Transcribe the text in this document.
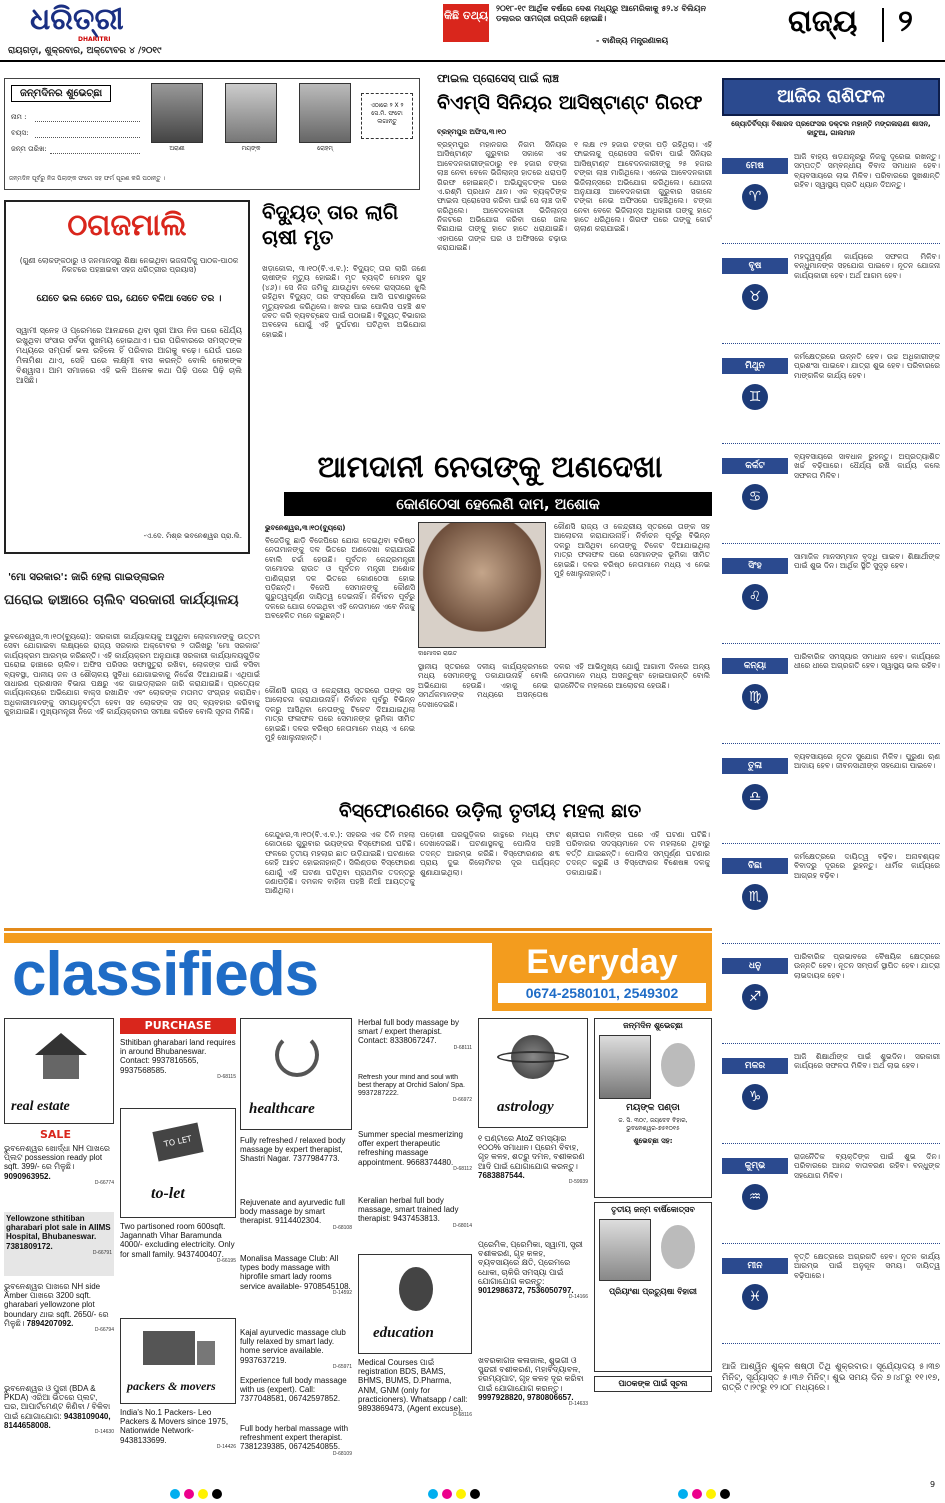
ଧରିତ୍ରୀ
DHARITRI
ରାୟଗଡ଼ା, ଶୁକ୍ରବାର, ଅକ୍ଟୋବର ୪ /୨୦୧୯
କିଛି ତଥ୍ୟ
୨୦୧୮-୧୯ ଆର୍ଥିକ ବର୍ଷରେ ଦେଶ ମଧ୍ୟରୁ ଆମେରିକାକୁ ୫୨.୪ ବିଲିୟନ ଡଲାରର ସାମଗ୍ରୀ ରପ୍ତାନି ହୋଇଛି।
- ବାଣିଜ୍ୟ ମନ୍ତ୍ରଣାଳୟ
ରାଜ୍ୟ ୨
ଜନ୍ମଦିନର ଶୁଭେଚ୍ଛା
ନାମ :
ବୟସ:
ଜନ୍ମ ତାରିଖ:	ଅରାଣୀ	ମୟଙ୍କ	ରୋହମ୍
ଏଠାରେ ୨ X ୨ ସେ.ମି. ଫଟୋ ଲଗାନ୍ତୁ
ଜନ୍ମଦିନ ପୂର୍ବରୁ ନିଜ ପିଲାଙ୍କ ଫଟୋ ସହ ଫର୍ମ ପୂରଣ କରି ପଠାନ୍ତୁ ।
ଠଗଜମାଲି
(ଗୁଣୀ ଲୋକଙ୍କଠାରୁ ଓ ଜନମାନସରୁ ଶିକ୍ଷା ନେଇଥିବା ଭଜନାଦିକୁ ପାଠକ-ପାଠକ ନିକଟରେ ପହଞ୍ଚାଇବା ସହଜ ଧରିତ୍ରୀର ପ୍ରୟାସ)
ଯେତେ ଭଲ ରେତେ ଘର, ଯେତେ ବଳିଆ ସେତେ ତର ।
ସ୍ୱାମୀ ସ୍ନେହ ଓ ପ୍ରେମରେ ଆନନ୍ଦରେ ଥିବା ସ୍ତ୍ରୀ ଆଉ ନିଜ ଘରେ ଧୈର୍ଯ୍ୟ ରଖୁଥିବା ସଂସାର ସର୍ବଦା ସୁଖମୟ ହୋଇଥାଏ। ଘର ପରିବାରରେ ସମସ୍ତଙ୍କ ମଧ୍ୟରେ ସମ୍ପର୍କ ଭଲ ରହିଲେ ହିଁ ପରିବାର ଆଗକୁ ବଢ଼େ। ଯେଉଁ ଘରେ ମିଳାମିଶା ଥାଏ, ସେହି ଘରେ ଲକ୍ଷ୍ମୀ ବାସ କରନ୍ତି ବୋଲି ଲୋକଙ୍କ ବିଶ୍ୱାସ। ଆମ ସମାଜରେ ଏହି ଭଳି ଅନେକ କଥା ପିଢ଼ି ପରେ ପିଢ଼ି ଚାଲି ଆସିଛି।
-ଏ.ଦେ. ମିଶ୍ର ଭବନେଶ୍ୱର ପ୍ରା.ଲି.
ବିଦ୍ୟୁତ୍ ତାର ଲାଗି ଚାଷୀ ମୃତ
ଖଡ଼ାକୋଲ, ୩।୧୦(ବି.ଏ.ବ.): ବିଦ୍ୟୁତ୍ ତାର ଲାଗି ଜଣେ ଚାଷୀଙ୍କ ମୃତ୍ୟୁ ହୋଇଛି। ମୃତ ବ୍ୟକ୍ତି ମୋହନ ଗୁହ (୪୬)। ସେ ନିଜ ଜମିକୁ ଯାଉଥିବା ବେଳେ ରାସ୍ତାରେ ଝୁଲି ରହିଥିବା ବିଦ୍ୟୁତ୍ ତାର ସଂସ୍ପର୍ଶରେ ଆସି ଘଟଣାସ୍ଥଳରେ ମୃତ୍ୟୁବରଣ କରିଥିଲେ। ଖବର ପାଇ ପୋଲିସ ପହଞ୍ଚି ଶବ ଜବତ କରି ବ୍ୟବଚ୍ଛେଦ ପାଇଁ ପଠାଇଛି। ବିଦ୍ୟୁତ୍ ବିଭାଗର ଅବହେଳା ଯୋଗୁଁ ଏହି ଦୁର୍ଘଟଣା ଘଟିଥିବା ଅଭିଯୋଗ ହୋଇଛି।
ଫାଇଲ ପ୍ରୋସେସ୍ ପାଇଁ ଲାଞ୍ଚ
ବିଏମ୍‌ସି ସିନିୟର ଆସିଷ୍ଟାଣ୍ଟ ଗିରଫ
ବ୍ରହ୍ମପୁର ଅଫିସ,୩।୧୦
ବ୍ରହ୍ମପୁର ମହାନଗର ନିଗମ ସିନିୟର ଆସିଷ୍ଟାଣ୍ଟ ଗୁରୁବାର ସକାଳେ ଏକ ଆବେଦନକାରୀଙ୍କଠାରୁ ୧୫ ହଜାର ଟଙ୍କା ଲାଞ୍ଚ ନେବା ବେଳେ ଭିଜିଲାନ୍ସ ହାତରେ ଧରାପଡ଼ି ଗିରଫ ହୋଇଛନ୍ତି। ଅଭିଯୁକ୍ତଙ୍କ ଘରେ ଏ.ରଶ୍ମି ପ୍ରଧାନ ଥାନ। ଏକ ବ୍ୟକ୍ତିଙ୍କ ଫାଇଲ ପ୍ରୋସେସ କରିବା ପାଇଁ ସେ ଲାଞ୍ଚ ଦାବି କରିଥିଲେ। ଆବେଦନକାରୀ ଭିଜିଲାନ୍ସ ନିକଟରେ ଅଭିଯୋଗ କରିବା ପରେ ଜାଲ ବିଛାଯାଇ ତାଙ୍କୁ ହାତେ ହାତେ ଧରାଯାଇଛି। ଏହାପରେ ତାଙ୍କ ଘର ଓ ଅଫିସରେ ଚଢ଼ାଉ କରାଯାଇଛି।
୧ ଲକ୍ଷ ୯୨ ହଜାର ଟଙ୍କା ପଡ଼ି ରହିଥିଲା। ଏହି ଫାଇଲକୁ ପ୍ରୋସେସ କରିବା ପାଇଁ ସିନିୟର ଆସିଷ୍ଟାଣ୍ଟ ଆବେଦନକାରୀଙ୍କୁ ୨୫ ହଜାର ଟଙ୍କା ଲାଞ୍ଚ ମାଗିଥିଲେ। ଏନେଇ ଆବେଦନକାରୀ ଭିଜିଲାନ୍ସରେ ଅଭିଯୋଗ କରିଥିଲେ। ଯୋଜନା ଅନୁଯାୟୀ ଆବେଦନକାରୀ ଗୁରୁବାର ସକାଳେ ଟଙ୍କା ନେଇ ଅଫିସରେ ପହଞ୍ଚିଥିଲେ। ଟଙ୍କା ନେବା ବେଳେ ଭିଜିଲାନ୍ସ ଅଧିକାରୀ ତାଙ୍କୁ ହାତେ ହାତେ ଧରିଥିଲେ। ଗିରଫ ପରେ ତାଙ୍କୁ କୋର୍ଟ ଚାଲାଣ କରାଯାଇଛି।
ଆମଦାନୀ ନେତାଙ୍କୁ ଅଣଦେଖା
କୋଣଠେସା ହେଲେଣି ଦାମ, ଅଶୋକ
ଭୁବନେଶ୍ୱର,୩।୧୦(ବ୍ୟୁରୋ)
ବିଜେଡିକୁ ଛାଡ଼ି ବିଜେପିରେ ଯୋଗ ଦେଇଥିବା ବରିଷ୍ଠ ନେତାମାନଙ୍କୁ ଦଳ ଭିତରେ ଅଣଦେଖା କରାଯାଉଛି ବୋଲି ଚର୍ଚ୍ଚା ହେଉଛି। ପୂର୍ବତନ କେନ୍ଦ୍ରମନ୍ତ୍ରୀ ଦାମୋଦର ରାଉତ ଓ ପୂର୍ବତନ ମନ୍ତ୍ରୀ ଅଶୋକ ପାଣିଗ୍ରାହୀ ଦଳ ଭିତରେ କୋଣଠେସା ହୋଇ ପଡ଼ିଛନ୍ତି। ବିଜେପି ସେମାନଙ୍କୁ କୌଣସି ଗୁରୁତ୍ୱପୂର୍ଣ୍ଣ ଦାୟିତ୍ୱ ଦେଇନାହିଁ। ନିର୍ବାଚନ ପୂର୍ବରୁ ଦଳରେ ଯୋଗ ଦେଇଥିବା ଏହି ନେତାମାନେ ଏବେ ନିଜକୁ ଅବହେଳିତ ମନେ କରୁଛନ୍ତି।
ଦାମୋଦର ରାଉତ
କୌଣସି ରାଜ୍ୟ ଓ କେନ୍ଦ୍ରୀୟ ସ୍ତରରେ ତାଙ୍କ ସହ ଆଲୋଚନା କରାଯାଉନାହିଁ। ନିର୍ବାଚନ ପୂର୍ବରୁ ବିଭିନ୍ନ ଦଳରୁ ଆସିଥିବା ନେତାଙ୍କୁ ଟିକେଟ ଦିଆଯାଇଥିଲା ମାତ୍ର ଫଳାଫଳ ପରେ ସେମାନଙ୍କ ଭୂମିକା ସୀମିତ ହୋଇଛି। ଦଳର ବରିଷ୍ଠ ନେତାମାନେ ମଧ୍ୟ ଏ ନେଇ ମୁହଁ ଖୋଲୁନାହାନ୍ତି।
ସ୍ଥାନୀୟ ସ୍ତରରେ ଦଳୀୟ କାର୍ଯ୍ୟକ୍ରମରେ ମଧ୍ୟ ସେମାନଙ୍କୁ ଡକାଯାଉନାହିଁ ବୋଲି ଅଭିଯୋଗ ହେଉଛି। ଏହାକୁ ନେଇ ସମର୍ଥକମାନଙ୍କ ମଧ୍ୟରେ ଅସନ୍ତୋଷ ଦେଖାଦେଇଛି।
ଦଳର ଏହି ଆଭିମୁଖ୍ୟ ଯୋଗୁଁ ଆଗାମୀ ଦିନରେ ଅନ୍ୟ ନେତାମାନେ ମଧ୍ୟ ଅସନ୍ତୁଷ୍ଟ ହୋଇପାରନ୍ତି ବୋଲି ରାଜନୈତିକ ମହଲରେ ଆଲୋଚନା ହେଉଛି।
'ମୋ ସରକାର': ଜାରି ହେଲା ଗାଇଡ୍‌ଲାଇନ
ଘରୋଇ ଢାଞ୍ଚାରେ ଚାଲିବ ସରକାରୀ କାର୍ଯ୍ୟାଳୟ
ଭୁବନେଶ୍ୱର,୩।୧୦(ବ୍ୟୁରୋ): ସରକାରୀ କାର୍ଯ୍ୟାଳୟକୁ ଆସୁଥିବା ଲୋକମାନଙ୍କୁ ଉତ୍ତମ ସେବା ଯୋଗାଇବା ଲକ୍ଷ୍ୟରେ ରାଜ୍ୟ ସରକାର ଅକ୍ଟୋବର ୨ ତାରିଖରୁ 'ମୋ ସରକାର' କାର୍ଯ୍ୟକ୍ରମ ଆରମ୍ଭ କରିଛନ୍ତି। ଏହି କାର୍ଯ୍ୟକ୍ରମ ଅନୁଯାୟୀ ସରକାରୀ କାର୍ଯ୍ୟାଳୟଗୁଡ଼ିକ ଘରୋଇ ଢାଞ୍ଚାରେ ଚାଲିବ। ଅଫିସ ପରିସର ସଫାସୁତୁରା ରଖିବା, ଲୋକଙ୍କ ପାଇଁ ବସିବା ବ୍ୟବସ୍ଥା, ପାନୀୟ ଜଳ ଓ ଶୌଚାଳୟ ସୁବିଧା ଯୋଗାଇବାକୁ ନିର୍ଦ୍ଦେଶ ଦିଆଯାଇଛି। ଏଥିପାଇଁ ସାଧାରଣ ପ୍ରଶାସନ ବିଭାଗ ପକ୍ଷରୁ ଏକ ଗାଇଡ୍‌ଲାଇନ ଜାରି କରାଯାଇଛି। ପ୍ରତ୍ୟେକ କାର୍ଯ୍ୟାଳୟରେ ଅଭିଯୋଗ ବାକ୍ସ ରଖାଯିବ ଏବଂ ଲୋକଙ୍କ ମତାମତ ସଂଗ୍ରହ କରାଯିବ। ଅଧିକାରୀମାନଙ୍କୁ ସମୟାନୁବର୍ତ୍ତୀ ହେବା ସହ ଲୋକଙ୍କ ସହ ସଦ୍ ବ୍ୟବହାର କରିବାକୁ କୁହାଯାଇଛି। ମୁଖ୍ୟମନ୍ତ୍ରୀ ନିଜେ ଏହି କାର୍ଯ୍ୟକ୍ରମର ସମୀକ୍ଷା କରିବେ ବୋଲି ସୂଚନା ମିଳିଛି।
କୌଣସି ରାଜ୍ୟ ଓ କେନ୍ଦ୍ରୀୟ ସ୍ତରରେ ତାଙ୍କ ସହ ଆଲୋଚନା କରାଯାଉନାହିଁ। ନିର୍ବାଚନ ପୂର୍ବରୁ ବିଭିନ୍ନ ଦଳରୁ ଆସିଥିବା ନେତାଙ୍କୁ ଟିକେଟ ଦିଆଯାଇଥିଲା ମାତ୍ର ଫଳାଫଳ ପରେ ସେମାନଙ୍କ ଭୂମିକା ସୀମିତ ହୋଇଛି। ଦଳର ବରିଷ୍ଠ ନେତାମାନେ ମଧ୍ୟ ଏ ନେଇ ମୁହଁ ଖୋଲୁନାହାନ୍ତି।
ବିସ୍ଫୋରଣରେ ଉଡ଼ିଲା ତୃତୀୟ ମହଲା ଛାତ
କେନ୍ଦୁଝର,୩।୧୦(ବି.ଏ.ବ.): ସହରର ଏକ ତିନି ମହଲା କୋଠାରେ ଗୁରୁବାର ଭୟଙ୍କର ବିସ୍ଫୋରଣ ଘଟିଛି। ଫଳରେ ତୃତୀୟ ମହଲାର ଛାତ ଉଡ଼ିଯାଇଛି। ଘଟଣାରେ କେହି ଆହତ ହୋଇନାହାନ୍ତି। ସିଲିଣ୍ଡର ବିସ୍ଫୋରଣ ଯୋଗୁଁ ଏହି ଘଟଣା ଘଟିଥିବା ପ୍ରାଥମିକ ତଦନ୍ତରୁ ଜଣାପଡ଼ିଛି। ଦମକଳ ବାହିନୀ ପହଞ୍ଚି ନିଆଁ ଆୟତ୍ତକୁ ଆଣିଥିଲା।
ପଡ଼ୋଶୀ ଘରଗୁଡ଼ିକର କାନ୍ଥରେ ମଧ୍ୟ ଫାଟ ଦେଖାଦେଇଛି। ଘଟଣାସ୍ଥଳକୁ ପୋଲିସ ପହଞ୍ଚି ତଦନ୍ତ ଆରମ୍ଭ କରିଛି। ବିସ୍ଫୋରଣର ଶବ୍ଦ ପ୍ରାୟ ଦୁଇ କିଲୋମିଟର ଦୂର ପର୍ଯ୍ୟନ୍ତ ଶୁଣାଯାଇଥିଲା।
ଶ୍ରୀଘର ମାଳିଙ୍କ ଘରେ ଏହି ଘଟଣା ଘଟିଛି। ପରିବାରର ସଦସ୍ୟମାନେ ତଳ ମହଲାରେ ଥିବାରୁ ବର୍ତ୍ତି ଯାଇଛନ୍ତି। ପୋଲିସ ସମ୍ପୂର୍ଣ୍ଣ ଘଟଣାର ତଦନ୍ତ କରୁଛି ଓ ବିସ୍ଫୋରକ ବିଶେଷଜ୍ଞ ଦଳକୁ ଡକାଯାଇଛି।
ଆଜିର ରାଶିଫଳ
ଜ୍ୟୋତିର୍ବିଦ୍ୟା ବିଶାରଦ ପ୍ରଫେସର ଡକ୍ଟର ମହାନ୍ତି ମଙ୍ଗଳାରାଣୀ ଶାସନ, କାଟୁଆ, ଗାଲମାନ
ମେଷ
♈
ଆଜି ବାହ୍ୟ ଷଡ଼ଯନ୍ତ୍ରରୁ ନିଜକୁ ଦୂରେଇ ରଖନ୍ତୁ। ସମ୍ପତ୍ତି ସମ୍ବନ୍ଧୀୟ ବିବାଦ ସମାଧାନ ହେବ। ବ୍ୟବସାୟରେ ଲାଭ ମିଳିବ। ପରିବାରରେ ସୁଖଶାନ୍ତି ରହିବ। ସ୍ୱାସ୍ଥ୍ୟ ପ୍ରତି ଧ୍ୟାନ ଦିଅନ୍ତୁ।
ବୃଷ
♉
ମହତ୍ତ୍ୱପୂର୍ଣ୍ଣ କାର୍ଯ୍ୟରେ ସଫଳତା ମିଳିବ। ବନ୍ଧୁମାନଙ୍କ ସହଯୋଗ ପାଇବେ। ନୂତନ ଯୋଜନା କାର୍ଯ୍ୟକାରୀ ହେବ। ଅର୍ଥ ଆଗମ ହେବ।
ମିଥୁନ
♊
କର୍ମକ୍ଷେତ୍ରରେ ଉନ୍ନତି ହେବ। ଉଚ୍ଚ ଅଧିକାରୀଙ୍କ ପ୍ରଶଂସା ପାଇବେ। ଯାତ୍ରା ଶୁଭ ହେବ। ପରିବାରରେ ମାଙ୍ଗଳିକ କାର୍ଯ୍ୟ ହେବ।
କର୍କଟ
♋
ବ୍ୟବସାୟରେ ସାବଧାନ ରୁହନ୍ତୁ। ଅପ୍ରତ୍ୟାଶିତ ଖର୍ଚ୍ଚ ବଢ଼ିପାରେ। ଧୈର୍ଯ୍ୟ ରଖି କାର୍ଯ୍ୟ କଲେ ସଫଳତା ମିଳିବ।
ସିଂହ
♌
ସାମାଜିକ ମାନସମ୍ମାନ ବୃଦ୍ଧି ପାଇବ। ଶିକ୍ଷାର୍ଥୀଙ୍କ ପାଇଁ ଶୁଭ ଦିନ। ଆର୍ଥିକ ସ୍ଥିତି ସୁଦୃଢ଼ ହେବ।
କନ୍ୟା
♍
ପାରିବାରିକ ସମସ୍ୟାର ସମାଧାନ ହେବ। କାର୍ଯ୍ୟରେ ଧୀରେ ଧୀରେ ଅଗ୍ରଗତି ହେବ। ସ୍ୱାସ୍ଥ୍ୟ ଭଲ ରହିବ।
ତୁଳା
♎
ବ୍ୟବସାୟରେ ନୂତନ ସୁଯୋଗ ମିଳିବ। ପୁରୁଣା ଋଣ ଆଦାୟ ହେବ। ଜୀବନସାଥୀଙ୍କ ସହଯୋଗ ପାଇବେ।
ବିଛା
♏
କର୍ମକ୍ଷେତ୍ରରେ ଦାୟିତ୍ୱ ବଢ଼ିବ। ଅନାବଶ୍ୟକ ବିବାଦରୁ ଦୂରରେ ରୁହନ୍ତୁ। ଧାର୍ମିକ କାର୍ଯ୍ୟରେ ଆଗ୍ରହ ବଢ଼ିବ।
ଧନୁ
♐
ପାରିବାରିକ ପ୍ରଭାବରେ ବୈଷୟିକ କ୍ଷେତ୍ରରେ ଉନ୍ନତି ହେବ। ନୂତନ ସମ୍ପର୍କ ସ୍ଥାପିତ ହେବ। ଯାତ୍ରା ଲାଭଦାୟକ ହେବ।
ମକର
♑
ଆଜି ଶିକ୍ଷାର୍ଥୀଙ୍କ ପାଇଁ ଶୁଭଦିନ। ସରକାରୀ କାର୍ଯ୍ୟରେ ସଫଳତା ମିଳିବ। ଅର୍ଥ ଲାଭ ହେବ।
କୁମ୍ଭ
♒
ରାଜନୈତିକ ବ୍ୟକ୍ତିଙ୍କ ପାଇଁ ଶୁଭ ଦିନ। ପରିବାରରେ ଆନନ୍ଦ ବାତାବରଣ ରହିବ। ବନ୍ଧୁଙ୍କ ସହଯୋଗ ମିଳିବ।
ମୀନ
♓
ବୃତ୍ତି କ୍ଷେତ୍ରରେ ଅଗ୍ରଗତି ହେବ। ନୂତନ କାର୍ଯ୍ୟ ଆରମ୍ଭ ପାଇଁ ଅନୁକୂଳ ସମୟ। ଦାୟିତ୍ୱ ବଢ଼ିପାରେ।
ଆଜି ଆଶ୍ୱିନ ଶୁକ୍ଳ ଷଷ୍ଠୀ ତିଥି ଶୁକ୍ରବାର। ସୂର୍ଯ୍ୟୋଦୟ ୫।୩୭ ମିନିଟ୍, ସୂର୍ଯ୍ୟାସ୍ତ ୫।୩୬ ମିନିଟ୍। ଶୁଭ ସମୟ ଦିନ ୭।୪୮ରୁ ୧୧।୧୭, ରାତ୍ରି ୯।୨୯ରୁ ୧୨।୦୮ ମଧ୍ୟରେ।
classifieds	Everyday
0674-2580101, 2549302
real estate
SALE
ଭୁବନେଶ୍ୱର ଖୋର୍ଦ୍ଧା NH ପାଖରେ ପ୍ଲଟ possession ready plot sqft. 399/- ରେ ମିଳୁଛି। 9090963952.
D-66774
Yellowzone sthitiban gharabari plot sale in AIIMS Hospital, Bhubaneswar. 7381809172.
D-66791
ଭୁବନେଶ୍ୱର ପାଖରେ NH side Amber ପାଖରେ 3200 sqft. gharabari yellowzone plot boundary ଥାଇ sqft. 2650/- ରେ ମିଳୁଛି। 7894207092.
D-66794
ଭୁବନେଶ୍ୱର ଓ ପୁରୀ (BDA & PKDA) ଏରିଆ ଭିତରେ ପ୍ଲଟ, ଘର, ଆପାର୍ଟମେଣ୍ଟ କିଣିବା / ବିକିବା ପାଇଁ ଯୋଗାଯୋଗ: 9438109040, 8144658008.
D-14630
PURCHASE
Sthitiban gharabari land requires in around Bhubaneswar. Contact: 9937816565, 9937568585.
D-68115
TO LET
to-let
Two partisoned room 600sqft. Jagannath Vihar Baramunda 4000/- excluding electricity. Only for small family. 9437400407.
D-66195
packers & movers
India's No.1 Packers- Leo Packers & Movers since 1975, Nationwide Network- 9438133699.
D-14426
healthcare
Fully refreshed / relaxed body massage by expert therapist, Shastri Nagar. 7377984773.
Rejuvenate and ayurvedic full body massage by smart therapist. 9114402304.
D-68108
Monalisa Massage Club: All types body massage with hiprofile smart lady rooms service available- 9708545108.
D-14592
Kajal ayurvedic massage club fully relaxed by smart lady. home service available. 9937637219.
D-65971
Experience full body massage with us (expert). Call: 7377048581, 06742597852.
Full body herbal massage with refreshment expert therapist. 7381239385, 06742540855.
D-68109
Herbal full body massage by smart / expert therapist. Contact: 8338067247.
D-68111
Refresh your mind and soul with best therapy at Orchid Salon/ Spa. 9937287222.
D-66972
Summer special mesmerizing offer expert therapeutic refreshing massage appointment. 9668374480.
D-68112
Keralian herbal full body massage, smart trained lady therapist: 9437453813.
D-68014
education
Medical Courses ପାଇଁ registration BDS, BAMS, BHMS, BUMS, D.Pharma, ANM, GNM (only for practicioners). Whatsapp / call: 9893869473, (Agent excuse).
D-68116
astrology
୧ ଘଣ୍ଟାରେ AtoZ ସମସ୍ୟାର ୧୦୦% ସମାଧାନ। ପ୍ରେମ ବିବାହ, ଗୃହ କଳହ, ଶତ୍ରୁ ଦମନ, ବଶୀକରଣ ଆଦି ପାଇଁ ଯୋଗାଯୋଗ କରନ୍ତୁ। 7683887544.
D-59939
ପ୍ରେମିକ, ପ୍ରେମିକା, ସ୍ୱାମୀ, ସ୍ତ୍ରୀ ବଶୀକରଣ, ଗୃହ କଳହ, ବ୍ୟବସାୟରେ କ୍ଷତି, ପ୍ରେମରେ ଧୋକା, ଚାକିରି ସମସ୍ୟା ପାଇଁ ଯୋଗାଯୋଗ କରନ୍ତୁ: 9012986372, 7536050797.
D-14166
ଖବରକାଗଜ କଳାଜାଲ, ଶୁଭଗୀ ଓ ସୁନ୍ଦରୀ ବଶୀକରଣ, ମହାବିଦ୍ୟାବଳ, ହରମ୍ୟପାଟ, ଗୃହ କଳହ ଦୂର କରିବା ପାଇଁ ଯୋଗାଯୋଗ କରନ୍ତୁ। 9997928820, 9780806657.
D-14633
ଜନ୍ମଦିନ ଶୁଭେଚ୍ଛା
ମୟଙ୍କ ପଣ୍ଡା
ଜ. ସି. ୩୦୯, ଜୟଦେବ ବିହାର, ଭୁବନେଶ୍ୱର-୭୫୧୦୧୫
ଶୁଭେଚ୍ଛା ସହ:
ତୃତୀୟ ଜନ୍ମ ବାର୍ଷିକୋତ୍ସବ
ପ୍ରିୟାଂଶା ପ୍ରତ୍ୟୁଷା ବିହାରୀ
ପାଠକଙ୍କ ପାଇଁ ସୂଚନା
9
